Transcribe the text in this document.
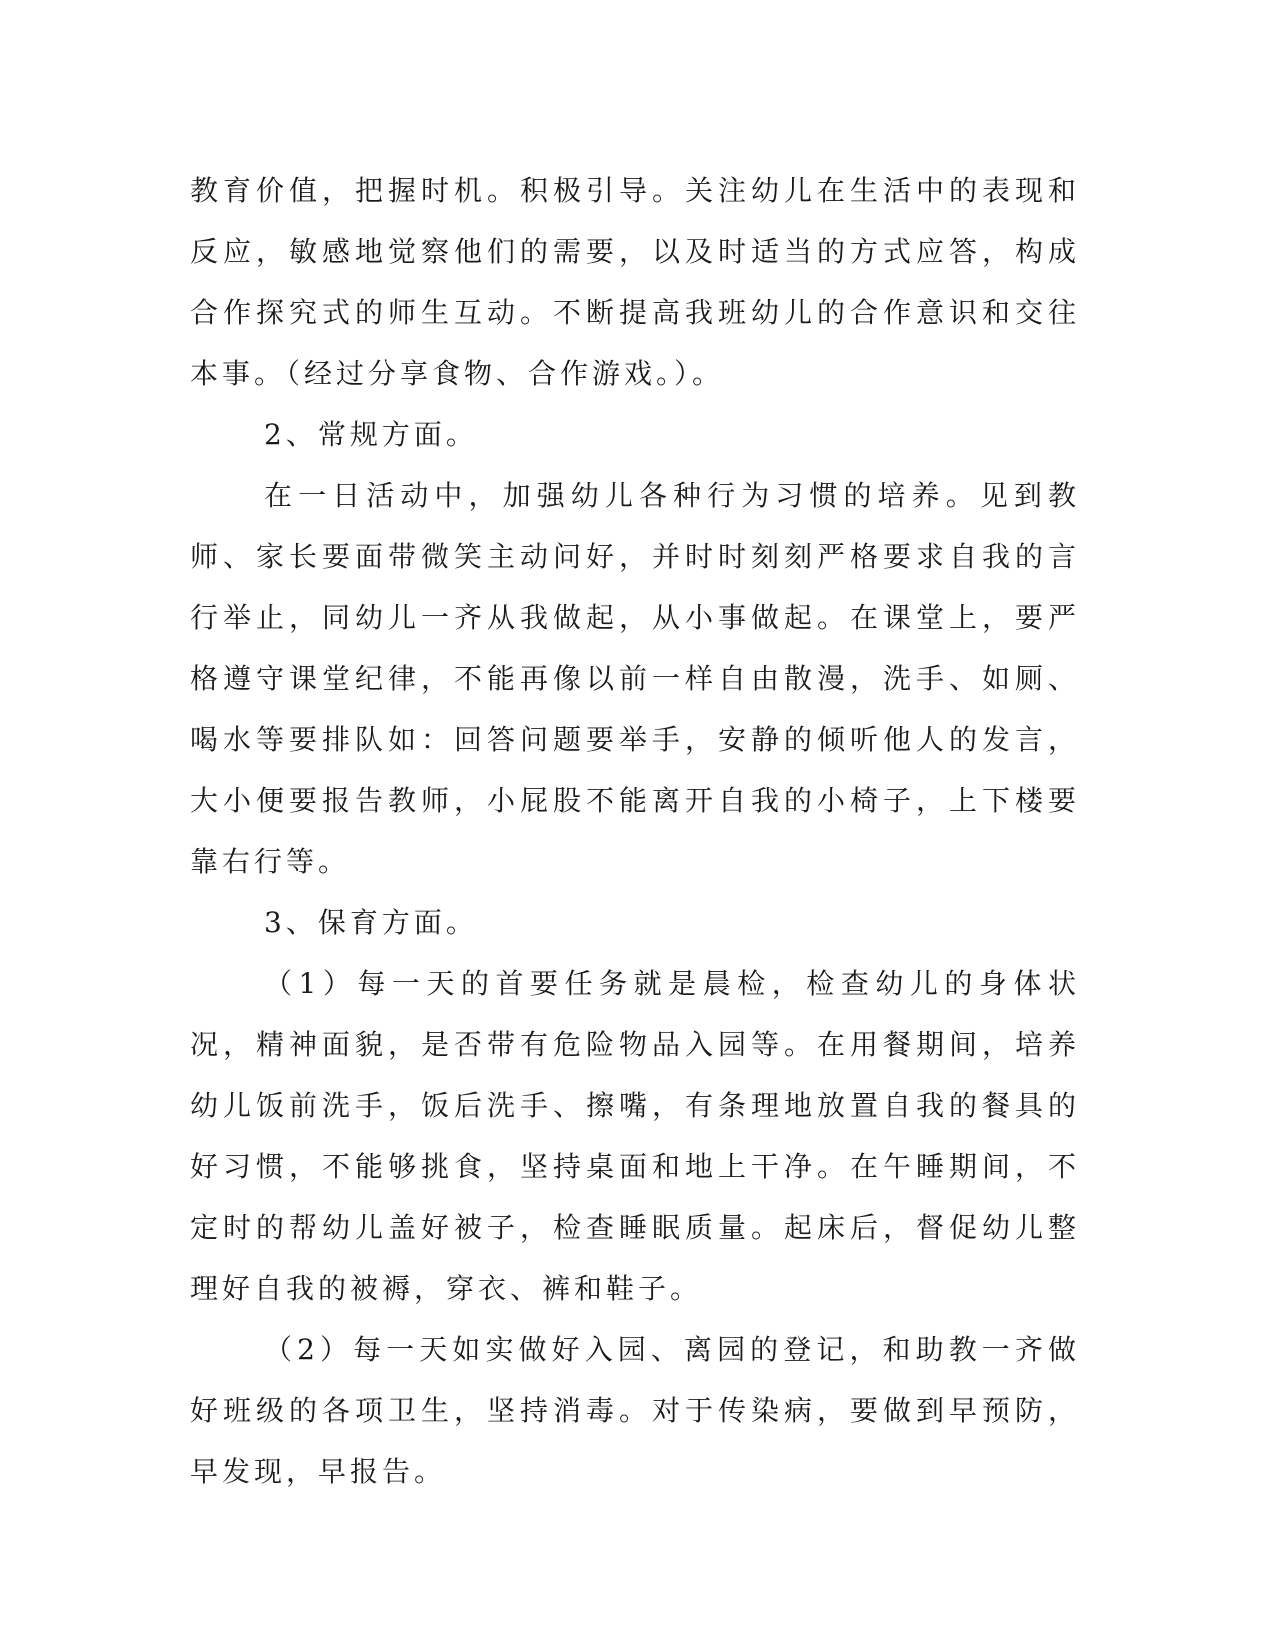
教育价值，把握时机。积极引导。关注幼儿在生活中的表现和反应，敏感地觉察他们的需要，以及时适当的方式应答，构成合作探究式的师生互动。不断提高我班幼儿的合作意识和交往本事。（经过分享食物、合作游戏。）。

2、常规方面。

在一日活动中，加强幼儿各种行为习惯的培养。见到教师、家长要面带微笑主动问好，并时时刻刻严格要求自我的言行举止，同幼儿一齐从我做起，从小事做起。在课堂上，要严格遵守课堂纪律，不能再像以前一样自由散漫，洗手、如厕、喝水等要排队如：回答问题要举手，安静的倾听他人的发言，大小便要报告教师，小屁股不能离开自我的小椅子，上下楼要靠右行等。

3、保育方面。

（1）每一天的首要任务就是晨检，检查幼儿的身体状况，精神面貌，是否带有危险物品入园等。在用餐期间，培养幼儿饭前洗手，饭后洗手、擦嘴，有条理地放置自我的餐具的好习惯，不能够挑食，坚持桌面和地上干净。在午睡期间，不定时的帮幼儿盖好被子，检查睡眠质量。起床后，督促幼儿整理好自我的被褥，穿衣、裤和鞋子。

（2）每一天如实做好入园、离园的登记，和助教一齐做好班级的各项卫生，坚持消毒。对于传染病，要做到早预防，早发现，早报告。
